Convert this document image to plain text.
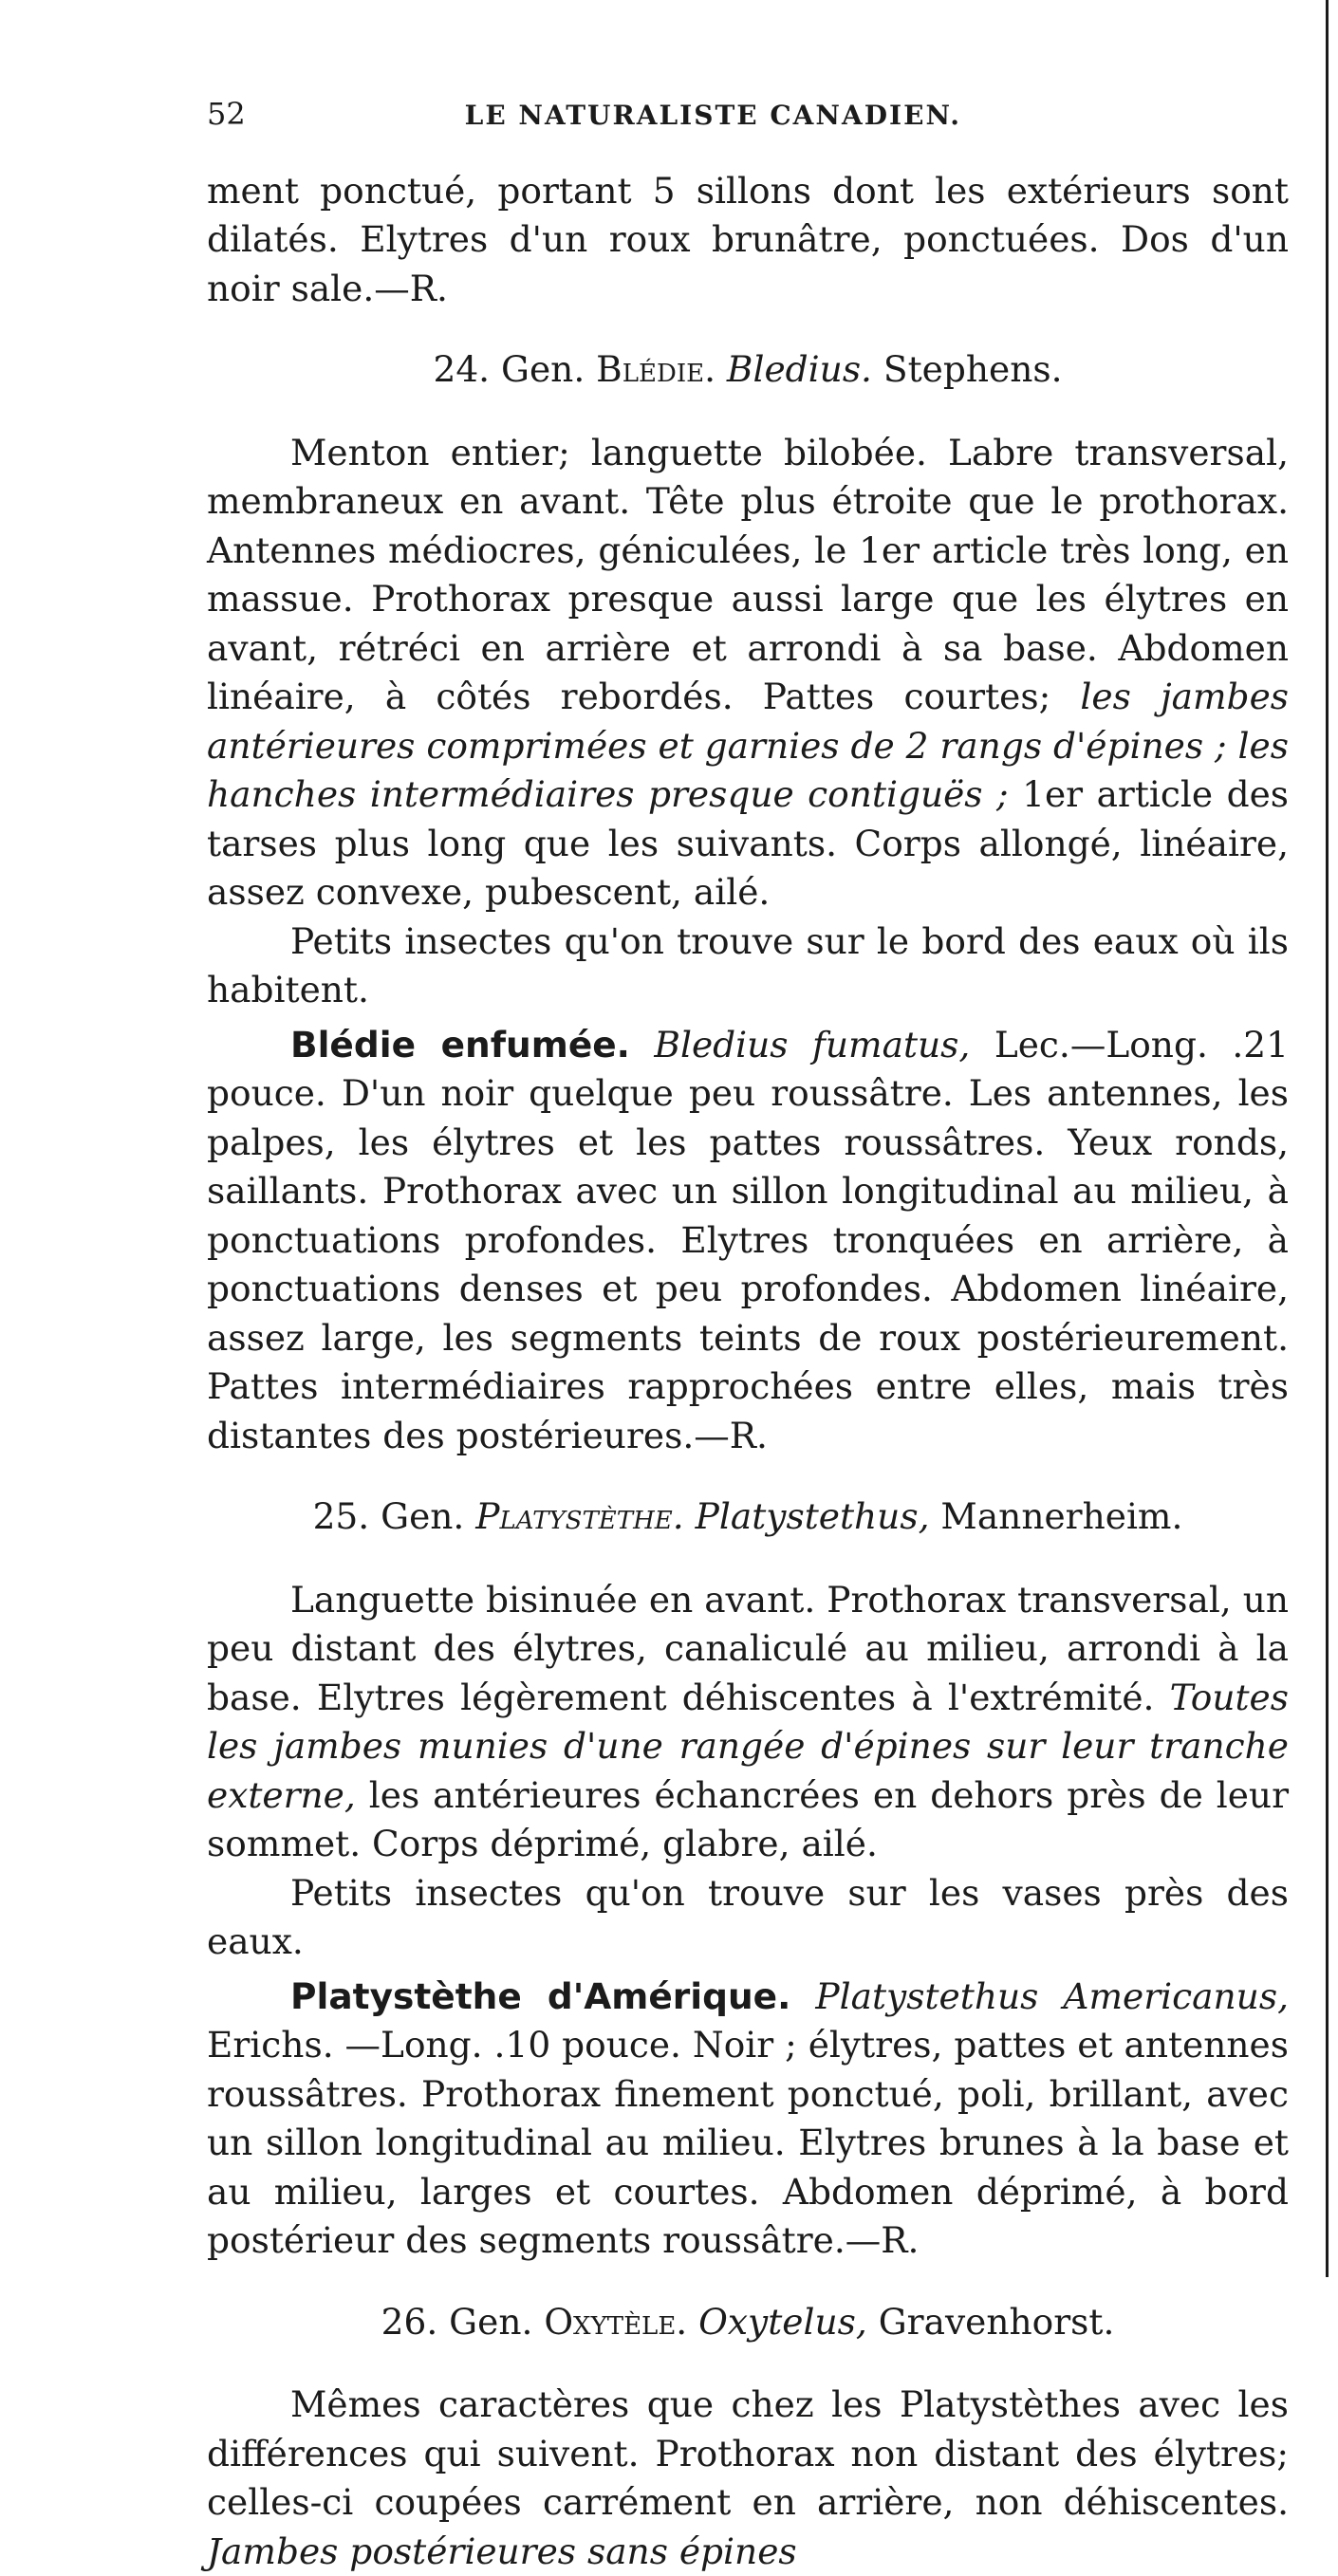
52	LE NATURALISTE CANADIEN.

ment ponctué, portant 5 sillons dont les extérieurs sont dilatés. Elytres d'un roux brunâtre, ponctuées. Dos d'un noir sale.—R.

24. Gen. Blédie. Bledius. Stephens.

Menton entier; languette bilobée. Labre transversal, membraneux en avant. Tête plus étroite que le prothorax. Antennes médiocres, géniculées, le 1er article très long, en massue. Prothorax presque aussi large que les élytres en avant, rétréci en arrière et arrondi à sa base. Abdomen linéaire, à côtés rebordés. Pattes courtes; les jambes antérieures comprimées et garnies de 2 rangs d'épines ; les hanches intermédiaires presque contiguës ; 1er article des tarses plus long que les suivants. Corps allongé, linéaire, assez convexe, pubescent, ailé.

Petits insectes qu'on trouve sur le bord des eaux où ils habitent.

Blédie enfumée. Bledius fumatus, Lec.—Long. .21 pouce. D'un noir quelque peu roussâtre. Les antennes, les palpes, les élytres et les pattes roussâtres. Yeux ronds, saillants. Prothorax avec un sillon longitudinal au milieu, à ponctuations profondes. Elytres tronquées en arrière, à ponctuations denses et peu profondes. Abdomen linéaire, assez large, les segments teints de roux postérieurement. Pattes intermédiaires rapprochées entre elles, mais très distantes des postérieures.—R.

25. Gen. Platystèthe. Platystethus, Mannerheim.

Languette bisinuée en avant. Prothorax transversal, un peu distant des élytres, canaliculé au milieu, arrondi à la base. Elytres légèrement déhiscentes à l'extrémité. Toutes les jambes munies d'une rangée d'épines sur leur tranche externe, les antérieures échancrées en dehors près de leur sommet. Corps déprimé, glabre, ailé.

Petits insectes qu'on trouve sur les vases près des eaux.

Platystèthe d'Amérique. Platystethus Americanus, Erichs. —Long. .10 pouce. Noir ; élytres, pattes et antennes roussâtres. Prothorax finement ponctué, poli, brillant, avec un sillon longitudinal au milieu. Elytres brunes à la base et au milieu, larges et courtes. Abdomen déprimé, à bord postérieur des segments roussâtre.—R.

26. Gen. Oxytèle. Oxytelus, Gravenhorst.

Mêmes caractères que chez les Platystèthes avec les différences qui suivent. Prothorax non distant des élytres; celles-ci coupées carrément en arrière, non déhiscentes. Jambes postérieures sans épines
